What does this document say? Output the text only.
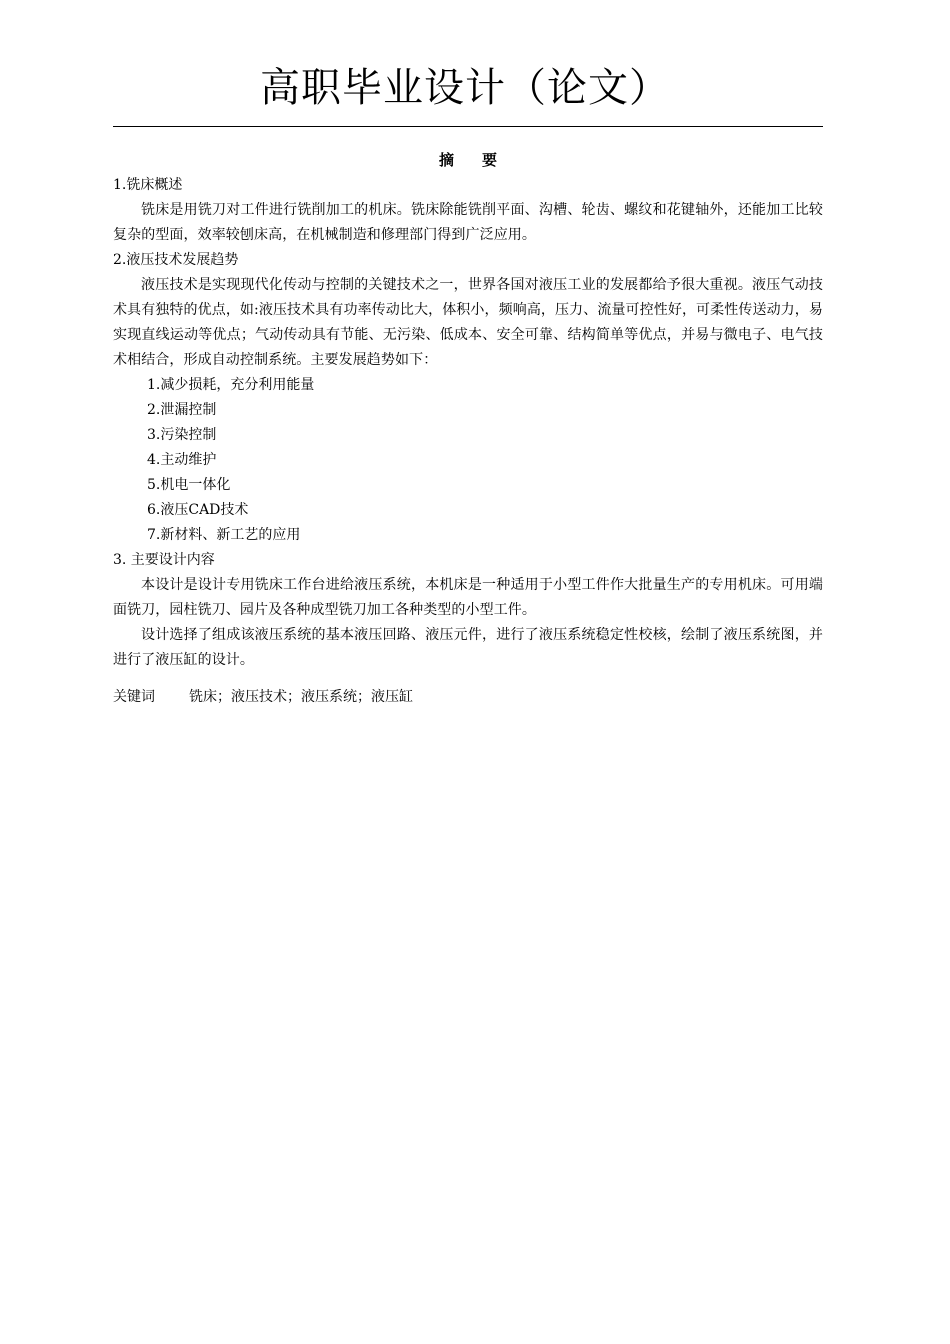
高职毕业设计（论文）
摘要
1.铣床概述
铣床是用铣刀对工件进行铣削加工的机床。铣床除能铣削平面、沟槽、轮齿、螺纹和花键轴外，还能加工比较复杂的型面，效率较刨床高，在机械制造和修理部门得到广泛应用。
2.液压技术发展趋势
液压技术是实现现代化传动与控制的关键技术之一，世界各国对液压工业的发展都给予很大重视。液压气动技术具有独特的优点，如:液压技术具有功率传动比大，体积小，频响高，压力、流量可控性好，可柔性传送动力，易实现直线运动等优点；气动传动具有节能、无污染、低成本、安全可靠、结构简单等优点，并易与微电子、电气技术相结合，形成自动控制系统。主要发展趋势如下：
1.减少损耗，充分利用能量
2.泄漏控制
3.污染控制
4.主动维护
5.机电一体化
6.液压CAD技术
7.新材料、新工艺的应用
3. 主要设计内容
本设计是设计专用铣床工作台进给液压系统，本机床是一种适用于小型工件作大批量生产的专用机床。可用端面铣刀，园柱铣刀、园片及各种成型铣刀加工各种类型的小型工件。
设计选择了组成该液压系统的基本液压回路、液压元件，进行了液压系统稳定性校核，绘制了液压系统图，并进行了液压缸的设计。
关键词 铣床；液压技术；液压系统；液压缸
